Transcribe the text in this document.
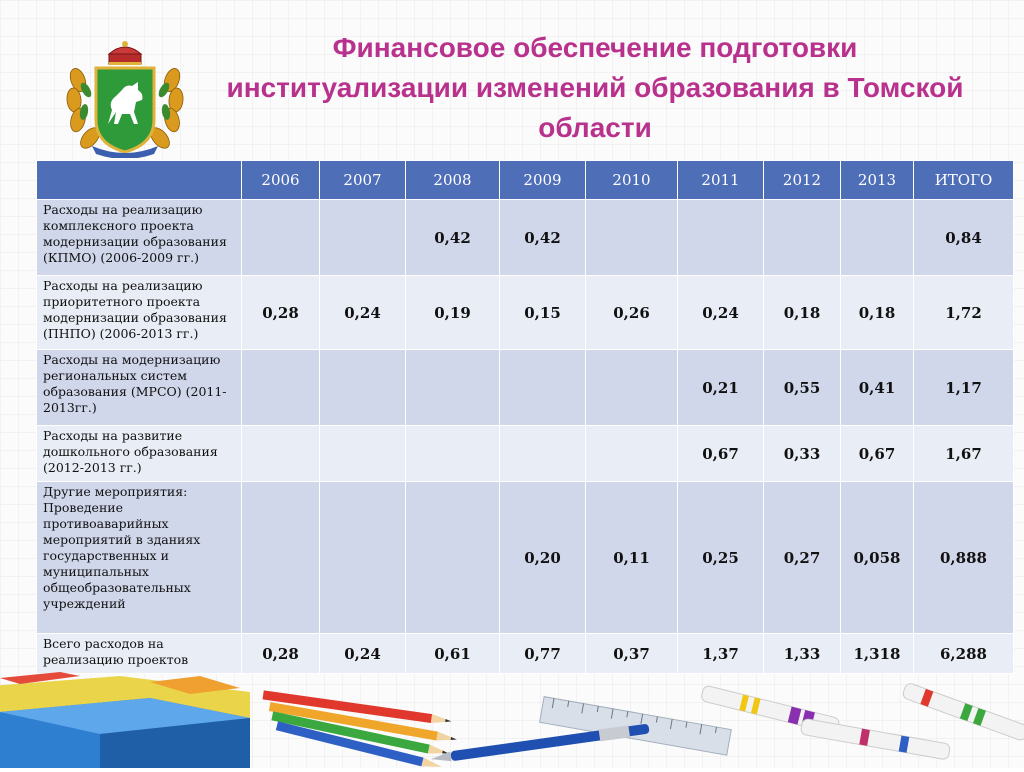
Финансовое обеспечение подготовки
институализации изменений образования в Томской
области
	2006	2007	2008	2009	2010	2011	2012	2013	ИТОГО
Расходы на реализацию комплексного проекта модернизации образования (КПМО) (2006-2009 гг.)			0,42	0,42					0,84
Расходы на реализацию приоритетного проекта модернизации образования (ПНПО) (2006-2013 гг.)	0,28	0,24	0,19	0,15	0,26	0,24	0,18	0,18	1,72
Расходы на модернизацию региональных систем образования (МРСО) (2011-2013гг.)						0,21	0,55	0,41	1,17
Расходы на развитие дошкольного образования (2012-2013 гг.)						0,67	0,33	0,67	1,67
Другие мероприятия: Проведение противоаварийных мероприятий в зданиях государственных и муниципальных общеобразовательных учреждений				0,20	0,11	0,25	0,27	0,058	0,888
Всего расходов на реализацию проектов	0,28	0,24	0,61	0,77	0,37	1,37	1,33	1,318	6,288
